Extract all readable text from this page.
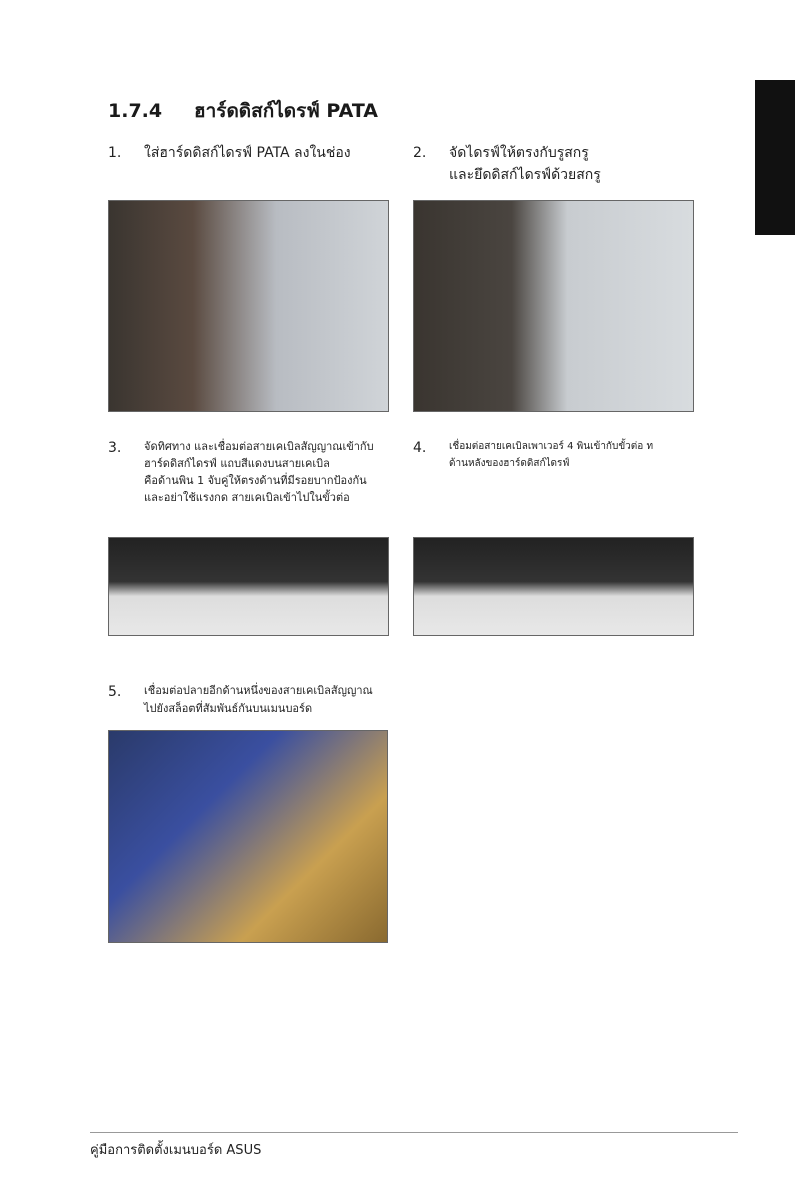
1.7.4 ฮาร์ดดิสก์ไดรฟ์ PATA
1. ใส่ฮาร์ดดิสก์ไดรฟ์ PATA ลงในช่อง	2. จัดไดรฟ์ให้ตรงกับรูสกรู
และยึดดิสก์ไดรฟ์ด้วยสกรู
3. จัดทิศทาง และเชื่อมต่อสายเคเบิลสัญญาณเข้ากับ
ฮาร์ดดิสก์ไดรฟ์ แถบสีแดงบนสายเคเบิล
คือด้านพิน 1 จับคู่ให้ตรงด้านที่มีรอยบากป้องกัน
และอย่าใช้แรงกด สายเคเบิลเข้าไปในขั้วต่อ
4. เชื่อมต่อสายเคเบิลเพาเวอร์ 4 พินเข้ากับขั้วต่อ ท
ด้านหลังของฮาร์ดดิสก์ไดรฟ์
5. เชื่อมต่อปลายอีกด้านหนึ่งของสายเคเบิลสัญญาณ
ไปยังสล็อตที่สัมพันธ์กันบนเมนบอร์ด
คู่มือการติดตั้งเมนบอร์ด ASUS
